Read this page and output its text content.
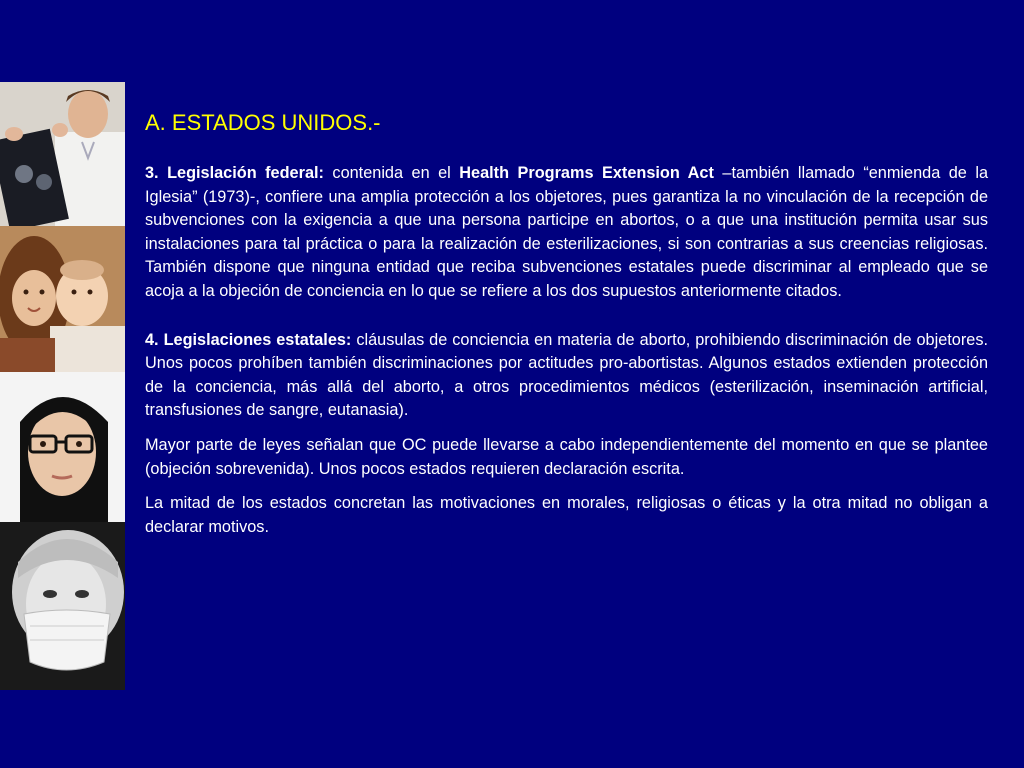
A. ESTADOS UNIDOS.-

3. Legislación federal: contenida en el Health Programs Extension Act –también llamado “enmienda de la Iglesia” (1973)-, confiere una amplia protección a los objetores, pues garantiza la no vinculación de la recepción de subvenciones con la exigencia a que una persona participe en abortos, o a que una institución permita usar sus instalaciones para tal práctica o para la realización de esterilizaciones, si son contrarias a sus creencias religiosas. También dispone que ninguna entidad que reciba subvenciones estatales puede discriminar al empleado que se acoja a la objeción de conciencia en lo que se refiere a los dos supuestos anteriormente citados.

4. Legislaciones estatales: cláusulas de conciencia en materia de aborto, prohibiendo discriminación de objetores. Unos pocos prohíben también discriminaciones por actitudes pro-abortistas. Algunos estados extienden protección de la conciencia, más allá del aborto, a otros procedimientos médicos (esterilización, inseminación artificial, transfusiones de sangre, eutanasia).

Mayor parte de leyes señalan que OC puede llevarse a cabo independientemente del momento en que se plantee (objeción sobrevenida). Unos pocos estados requieren declaración escrita.

La mitad de los estados concretan las motivaciones en morales, religiosas o éticas y la otra mitad no obligan a declarar motivos.
